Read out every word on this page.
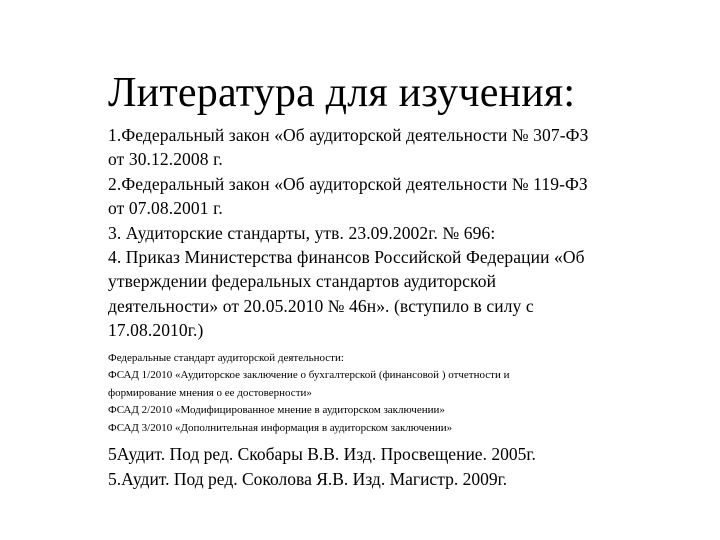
Литература для изучения:
1.Федеральный закон «Об аудиторской деятельности № 307-ФЗ
от 30.12.2008 г.
2.Федеральный закон «Об аудиторской деятельности № 119-ФЗ
от 07.08.2001 г.
3. Аудиторские стандарты, утв. 23.09.2002г. № 696:
4. Приказ Министерства финансов Российской Федерации «Об
утверждении федеральных стандартов аудиторской
деятельности» от 20.05.2010 № 46н». (вступило в силу с
17.08.2010г.)
Федеральные стандарт аудиторской деятельности:
ФСАД 1/2010 «Аудиторское заключение о бухгалтерской (финансовой ) отчетности и
формирование мнения о ее достоверности»
ФСАД 2/2010 «Модифицированное мнение в аудиторском заключении»
ФСАД 3/2010 «Дополнительная информация в аудиторском заключении»
5Аудит. Под ред. Скобары В.В. Изд. Просвещение. 2005г.
5.Аудит. Под ред. Соколова Я.В. Изд. Магистр. 2009г.
